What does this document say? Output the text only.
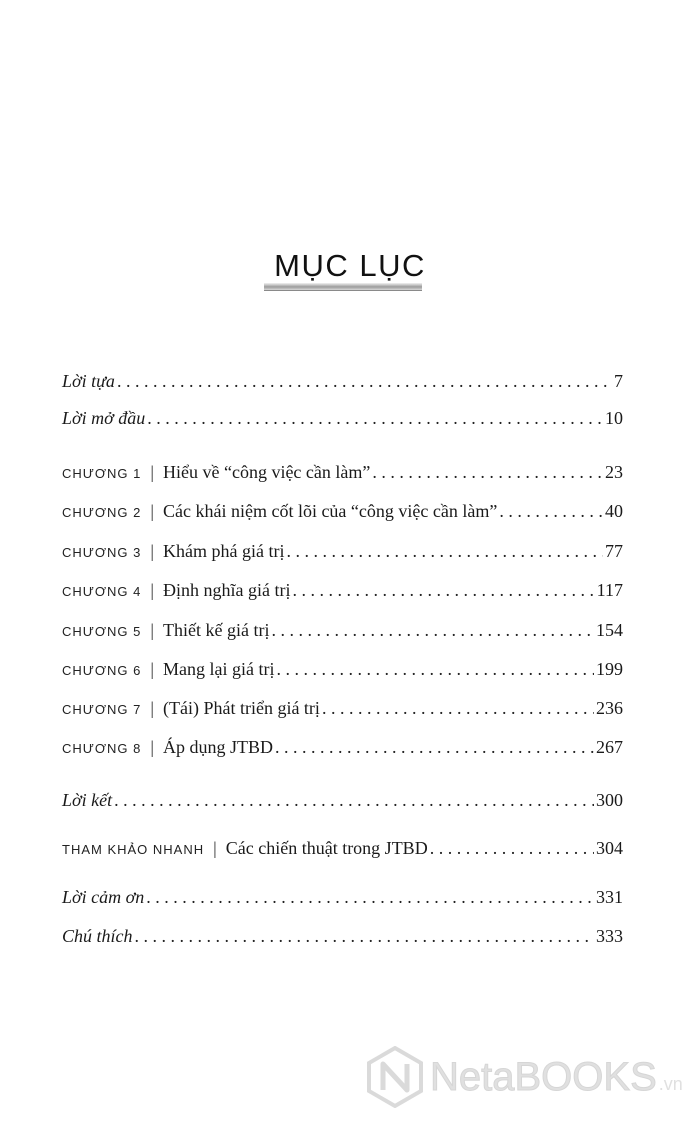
MỤC LỤC
Lời tựa . . .	7
Lời mở đầu . . .	10
CHƯƠNG 1 | Hiểu về “công việc cần làm” . . .	23
CHƯƠNG 2 | Các khái niệm cốt lõi của “công việc cần làm” . . .	40
CHƯƠNG 3 | Khám phá giá trị . . .	77
CHƯƠNG 4 | Định nghĩa giá trị . . .	117
CHƯƠNG 5 | Thiết kế giá trị . . .	154
CHƯƠNG 6 | Mang lại giá trị . . .	199
CHƯƠNG 7 | (Tái) Phát triển giá trị . . .	236
CHƯƠNG 8 | Áp dụng JTBD . . .	267
Lời kết . . .	300
THAM KHẢO NHANH | Các chiến thuật trong JTBD . . .	304
Lời cảm ơn . . .	331
Chú thích . . .	333
NetaBOOKS .vn
